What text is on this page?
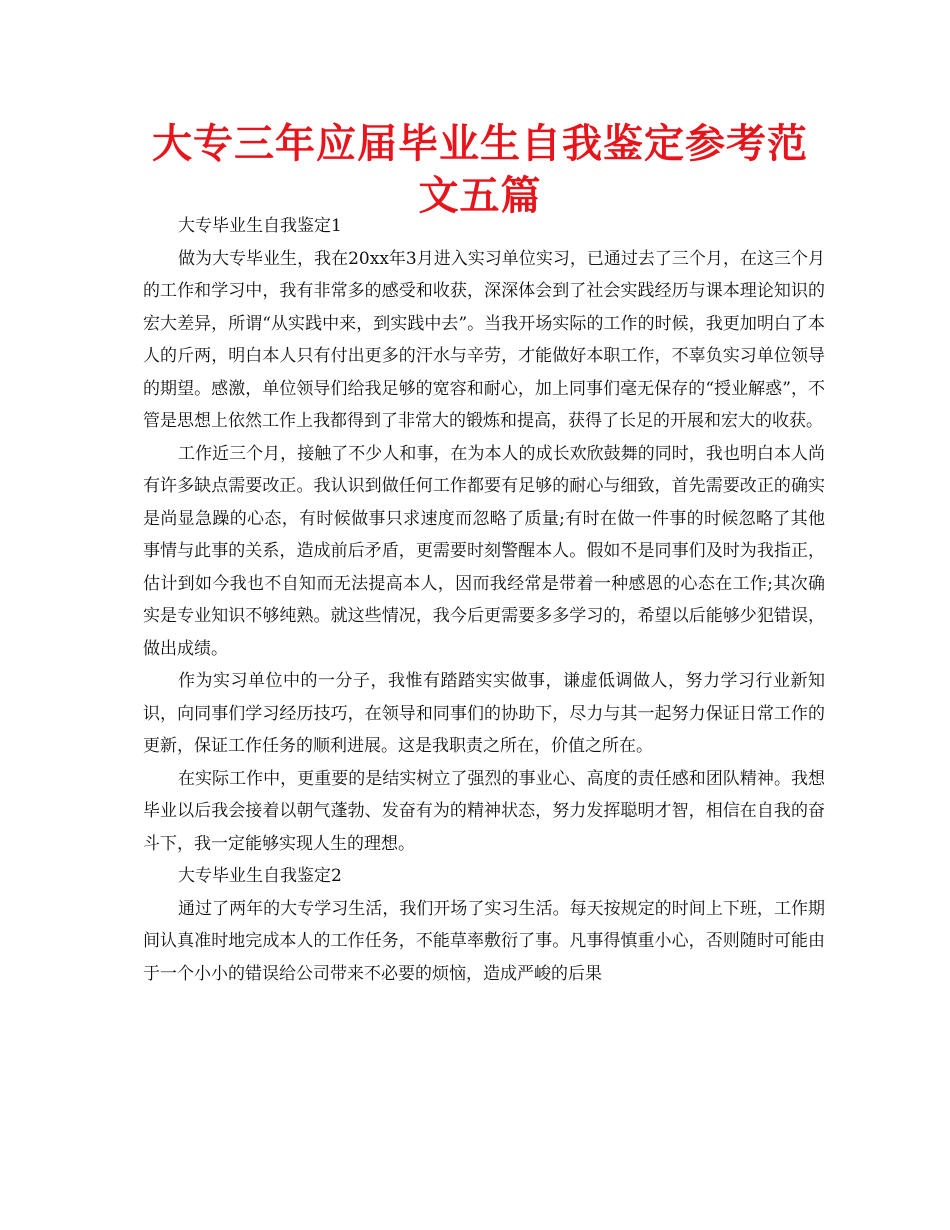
大专三年应届毕业生自我鉴定参考范文五篇

大专毕业生自我鉴定1

做为大专毕业生，我在20xx年3月进入实习单位实习，已通过去了三个月，在这三个月的工作和学习中，我有非常多的感受和收获，深深体会到了社会实践经历与课本理论知识的宏大差异，所谓“从实践中来，到实践中去”。当我开场实际的工作的时候，我更加明白了本人的斤两，明白本人只有付出更多的汗水与辛劳，才能做好本职工作，不辜负实习单位领导的期望。感激，单位领导们给我足够的宽容和耐心，加上同事们毫无保存的“授业解惑”，不管是思想上依然工作上我都得到了非常大的锻炼和提高，获得了长足的开展和宏大的收获。

工作近三个月，接触了不少人和事，在为本人的成长欢欣鼓舞的同时，我也明白本人尚有许多缺点需要改正。我认识到做任何工作都要有足够的耐心与细致，首先需要改正的确实是尚显急躁的心态，有时候做事只求速度而忽略了质量;有时在做一件事的时候忽略了其他事情与此事的关系，造成前后矛盾，更需要时刻警醒本人。假如不是同事们及时为我指正，估计到如今我也不自知而无法提高本人，因而我经常是带着一种感恩的心态在工作;其次确实是专业知识不够纯熟。就这些情况，我今后更需要多多学习的，希望以后能够少犯错误，做出成绩。

作为实习单位中的一分子，我惟有踏踏实实做事，谦虚低调做人，努力学习行业新知识，向同事们学习经历技巧，在领导和同事们的协助下，尽力与其一起努力保证日常工作的更新，保证工作任务的顺利进展。这是我职责之所在，价值之所在。

在实际工作中，更重要的是结实树立了强烈的事业心、高度的责任感和团队精神。我想毕业以后我会接着以朝气蓬勃、发奋有为的精神状态，努力发挥聪明才智，相信在自我的奋斗下，我一定能够实现人生的理想。

大专毕业生自我鉴定2

通过了两年的大专学习生活，我们开场了实习生活。每天按规定的时间上下班，工作期间认真准时地完成本人的工作任务，不能草率敷衍了事。凡事得慎重小心，否则随时可能由于一个小小的错误给公司带来不必要的烦恼，造成严峻的后果
